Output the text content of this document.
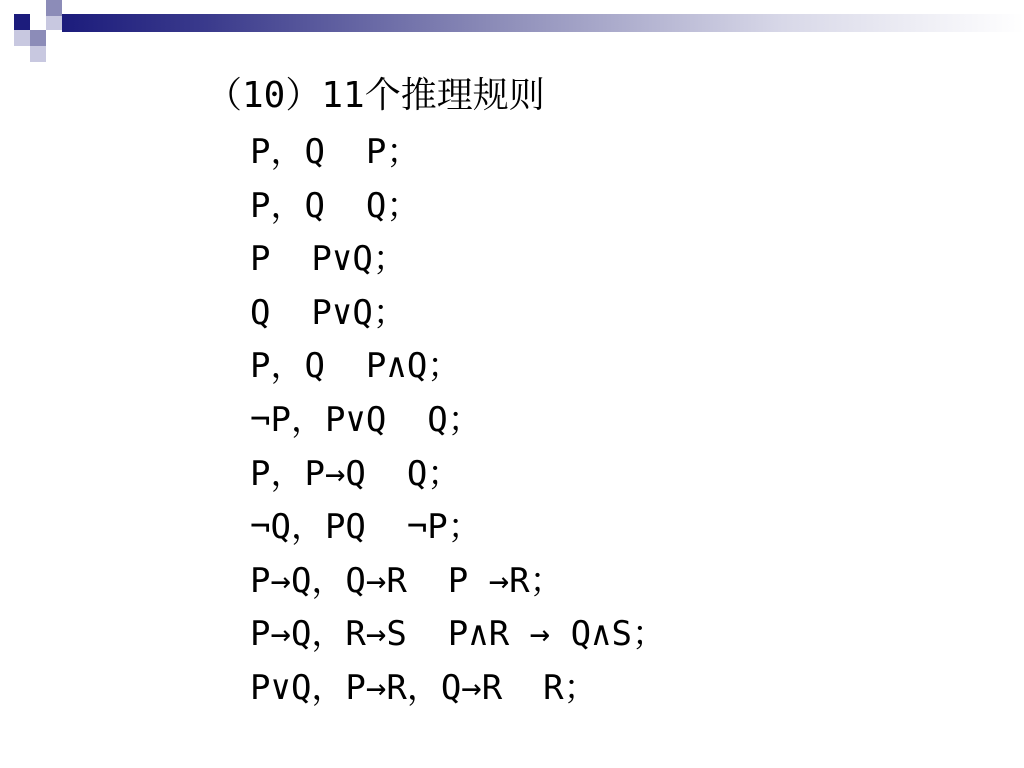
（10）11个推理规则
P，Q  P；
P，Q  Q；
P  P∨Q；
Q  P∨Q；
P，Q  P∧Q；
¬P，P∨Q  Q；
P，P→Q  Q；
¬Q，PQ  ¬P；
P→Q，Q→R  P →R；
P→Q，R→S  P∧R → Q∧S；
P∨Q，P→R，Q→R  R；
